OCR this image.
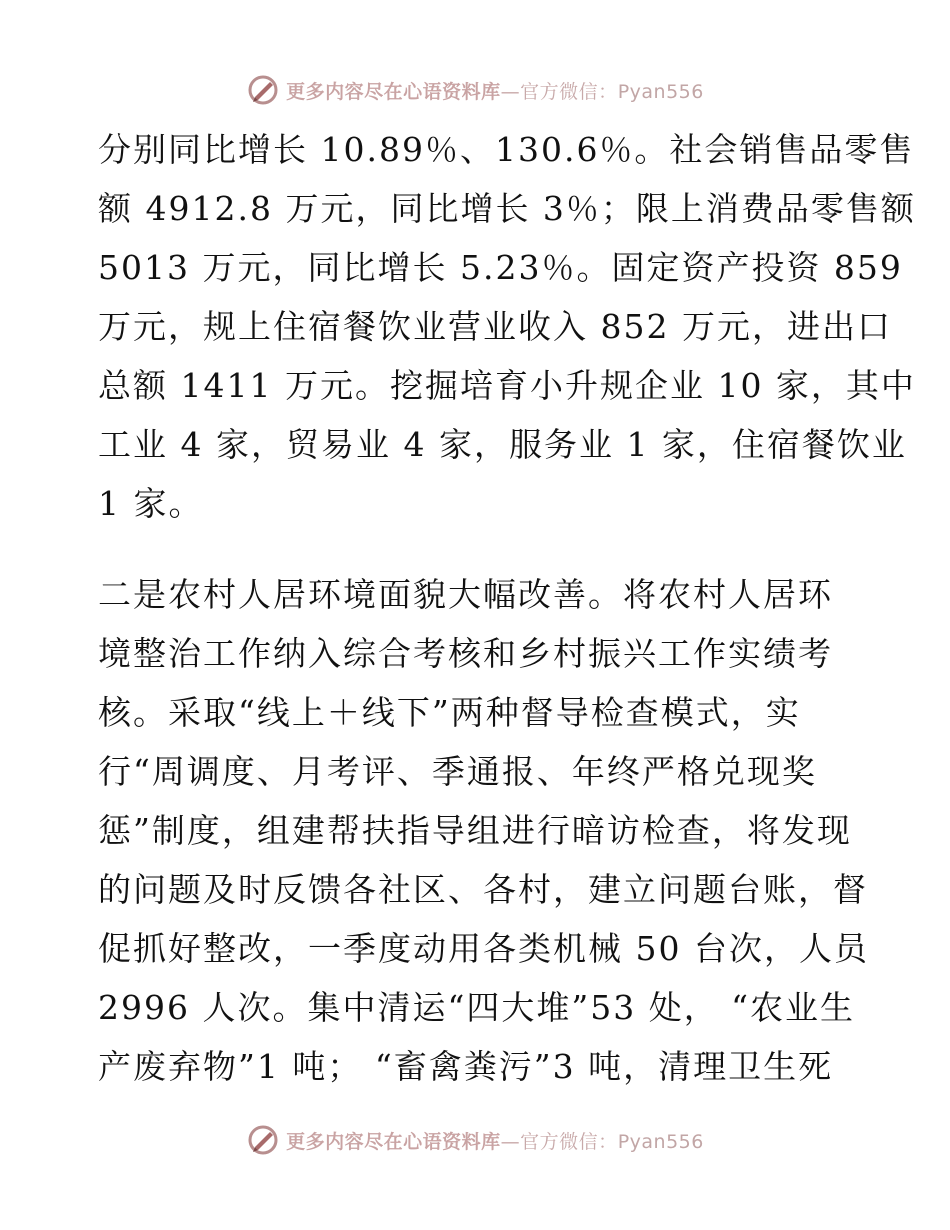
更多内容尽在心语资料库—官方微信：Pyan556
分别同比增长 10.89％、130.6％。社会销售品零售
额 4912.8 万元，同比增长 3％；限上消费品零售额
5013 万元，同比增长 5.23％。固定资产投资 859
万元，规上住宿餐饮业营业收入 852 万元，进出口
总额 1411 万元。挖掘培育小升规企业 10 家，其中
工业 4 家，贸易业 4 家，服务业 1 家，住宿餐饮业
1 家。
二是农村人居环境面貌大幅改善。将农村人居环
境整治工作纳入综合考核和乡村振兴工作实绩考
核。采取“线上＋线下”两种督导检查模式，实
行“周调度、月考评、季通报、年终严格兑现奖
惩”制度，组建帮扶指导组进行暗访检查，将发现
的问题及时反馈各社区、各村，建立问题台账，督
促抓好整改，一季度动用各类机械 50 台次，人员
2996 人次。集中清运“四大堆”53 处， “农业生
产废弃物”1 吨； “畜禽粪污”3 吨，清理卫生死
更多内容尽在心语资料库—官方微信：Pyan556
